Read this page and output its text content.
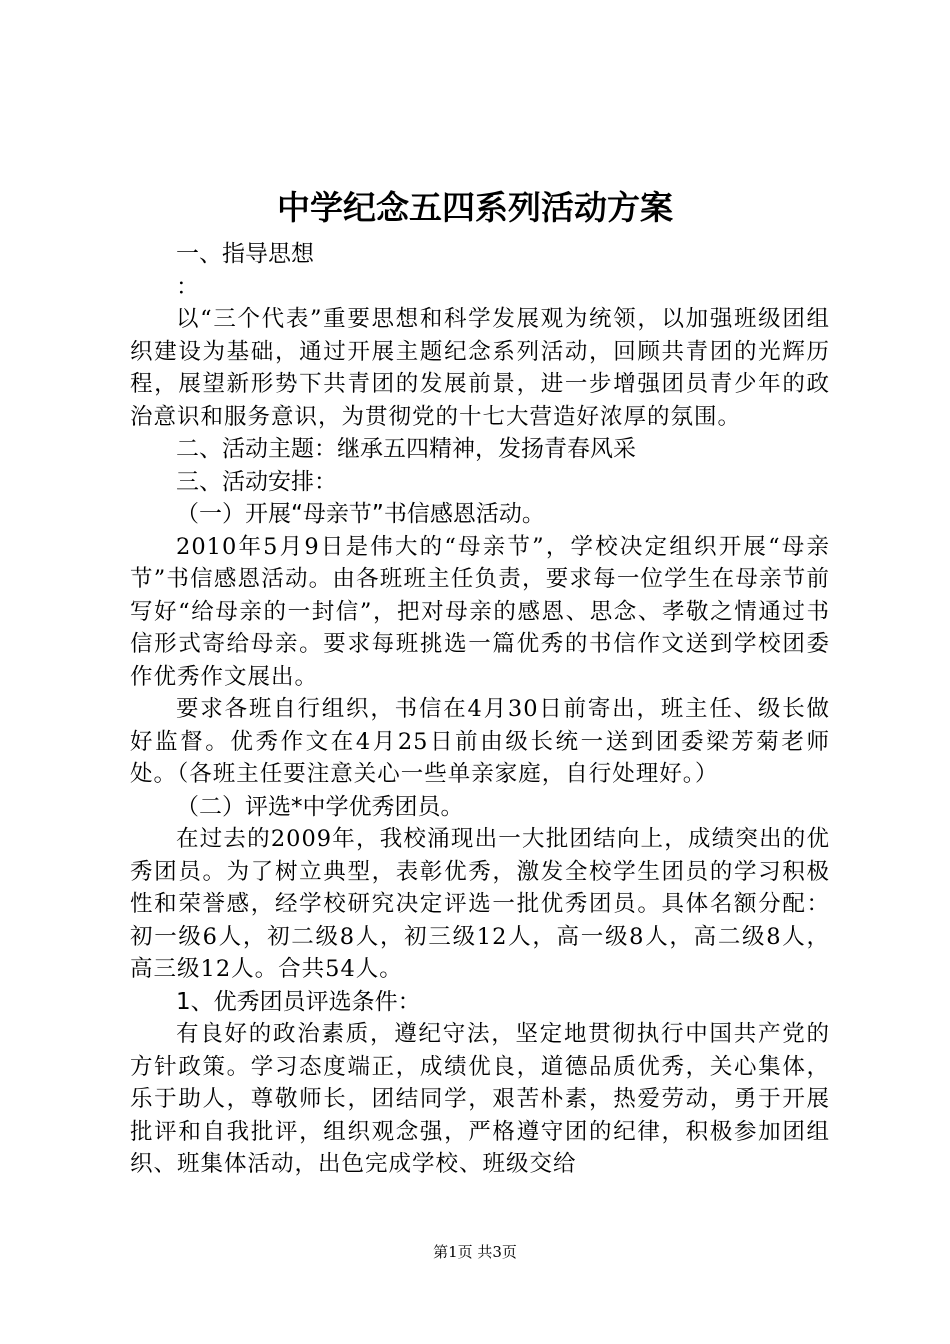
中学纪念五四系列活动方案
一、指导思想
：

以“三个代表”重要思想和科学发展观为统领，以加强班级团组织建设为基础，通过开展主题纪念系列活动，回顾共青团的光辉历程，展望新形势下共青团的发展前景，进一步增强团员青少年的政治意识和服务意识，为贯彻党的十七大营造好浓厚的氛围。

二、活动主题：继承五四精神，发扬青春风采
三、活动安排：
（一）开展“母亲节”书信感恩活动。

2010年5月9日是伟大的“母亲节”，学校决定组织开展“母亲节”书信感恩活动。由各班班主任负责，要求每一位学生在母亲节前写好“给母亲的一封信”，把对母亲的感恩、思念、孝敬之情通过书信形式寄给母亲。要求每班挑选一篇优秀的书信作文送到学校团委作优秀作文展出。

要求各班自行组织，书信在4月30日前寄出，班主任、级长做好监督。优秀作文在4月25日前由级长统一送到团委梁芳菊老师处。（各班主任要注意关心一些单亲家庭，自行处理好。）

（二）评选*中学优秀团员。

在过去的2009年，我校涌现出一大批团结向上，成绩突出的优秀团员。为了树立典型，表彰优秀，激发全校学生团员的学习积极性和荣誉感，经学校研究决定评选一批优秀团员。具体名额分配：初一级6人，初二级8人，初三级12人，高一级8人，高二级8人，高三级12人。合共54人。

1、优秀团员评选条件：

有良好的政治素质，遵纪守法，坚定地贯彻执行中国共产党的方针政策。学习态度端正，成绩优良，道德品质优秀，关心集体，乐于助人，尊敬师长，团结同学，艰苦朴素，热爱劳动，勇于开展批评和自我批评，组织观念强，严格遵守团的纪律，积极参加团组织、班集体活动，出色完成学校、班级交给

第1页 共3页
